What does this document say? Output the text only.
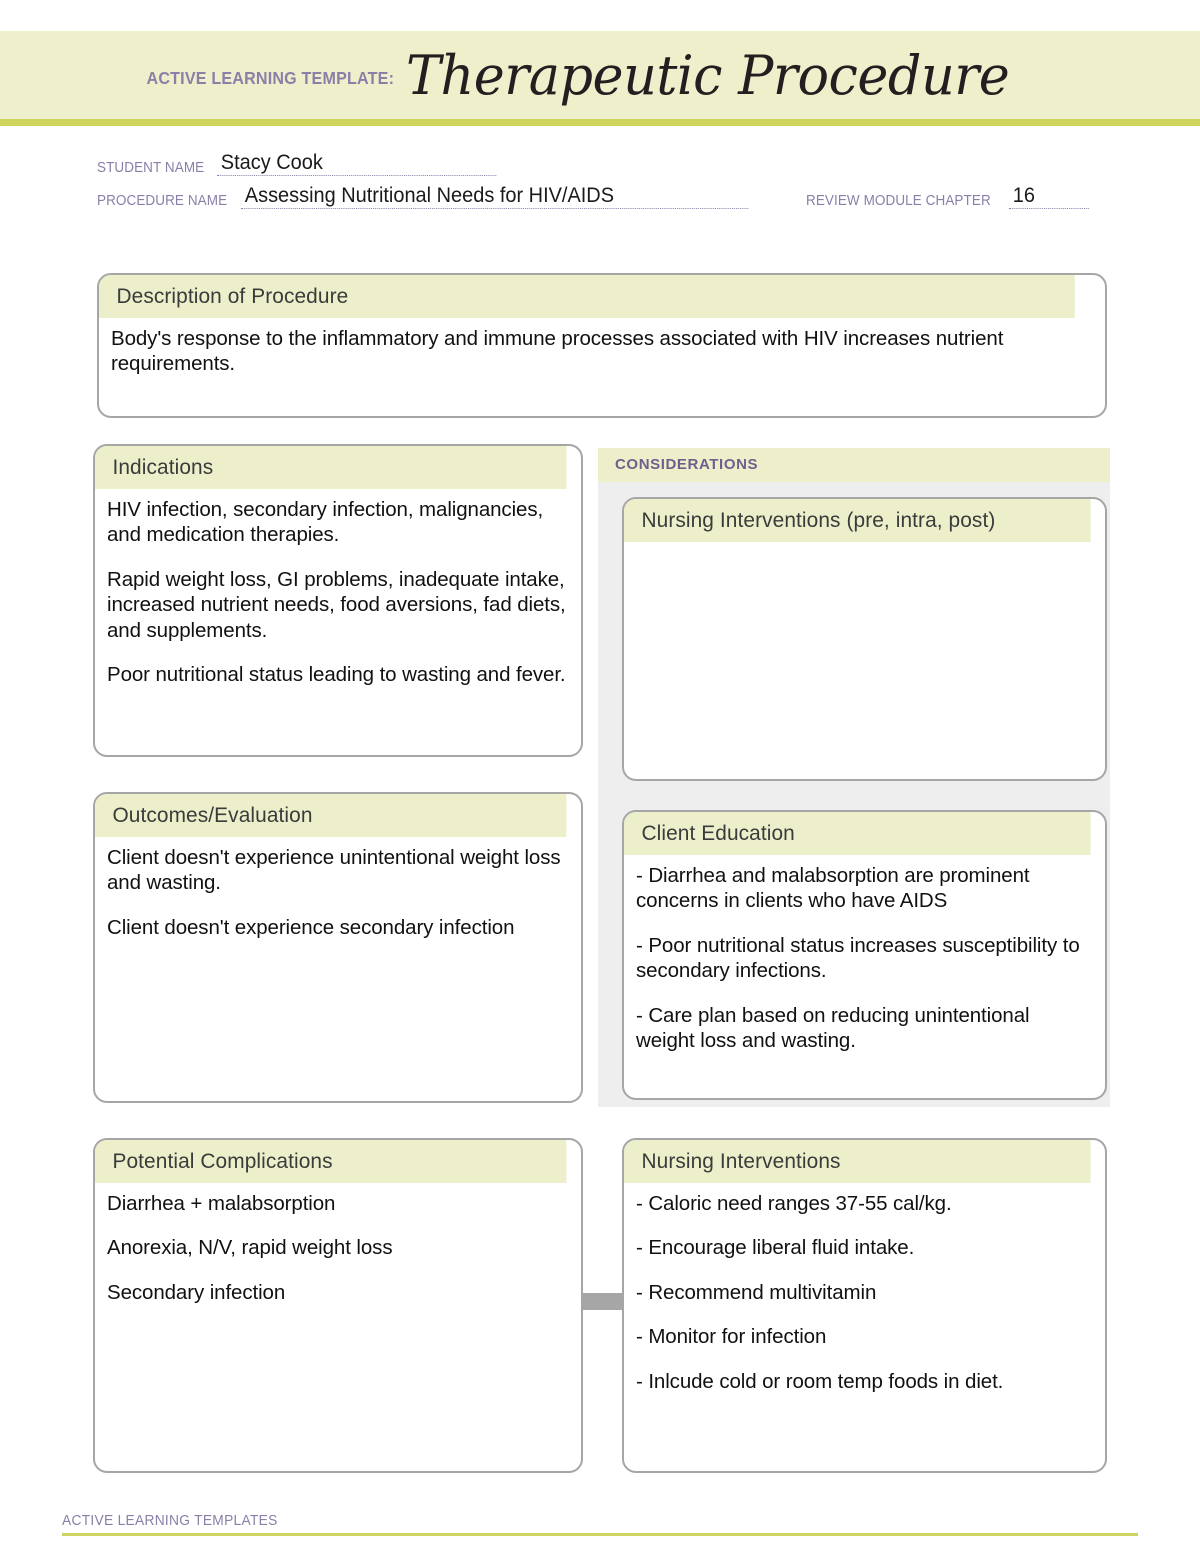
ACTIVE LEARNING TEMPLATE: Therapeutic Procedure
STUDENT NAME Stacy Cook
PROCEDURE NAME Assessing Nutritional Needs for HIV/AIDS	REVIEW MODULE CHAPTER 16
Description of Procedure

Body's response to the inflammatory and immune processes associated with HIV increases nutrient requirements.

CONSIDERATIONS
Indications

HIV infection, secondary infection, malignancies, and medication therapies.

Rapid weight loss, GI problems, inadequate intake, increased nutrient needs, food aversions, fad diets, and supplements.

Poor nutritional status leading to wasting and fever.

Nursing Interventions (pre, intra, post)
Outcomes/Evaluation

Client doesn't experience unintentional weight loss and wasting.

Client doesn't experience secondary infection

Client Education

- Diarrhea and malabsorption are prominent concerns in clients who have AIDS

- Poor nutritional status increases susceptibility to secondary infections.

- Care plan based on reducing unintentional weight loss and wasting.

Potential Complications

Diarrhea + malabsorption

Anorexia, N/V, rapid weight loss

Secondary infection

Nursing Interventions

- Caloric need ranges 37-55 cal/kg.

- Encourage liberal fluid intake.

- Recommend multivitamin

- Monitor for infection

- Inlcude cold or room temp foods in diet.

ACTIVE LEARNING TEMPLATES
